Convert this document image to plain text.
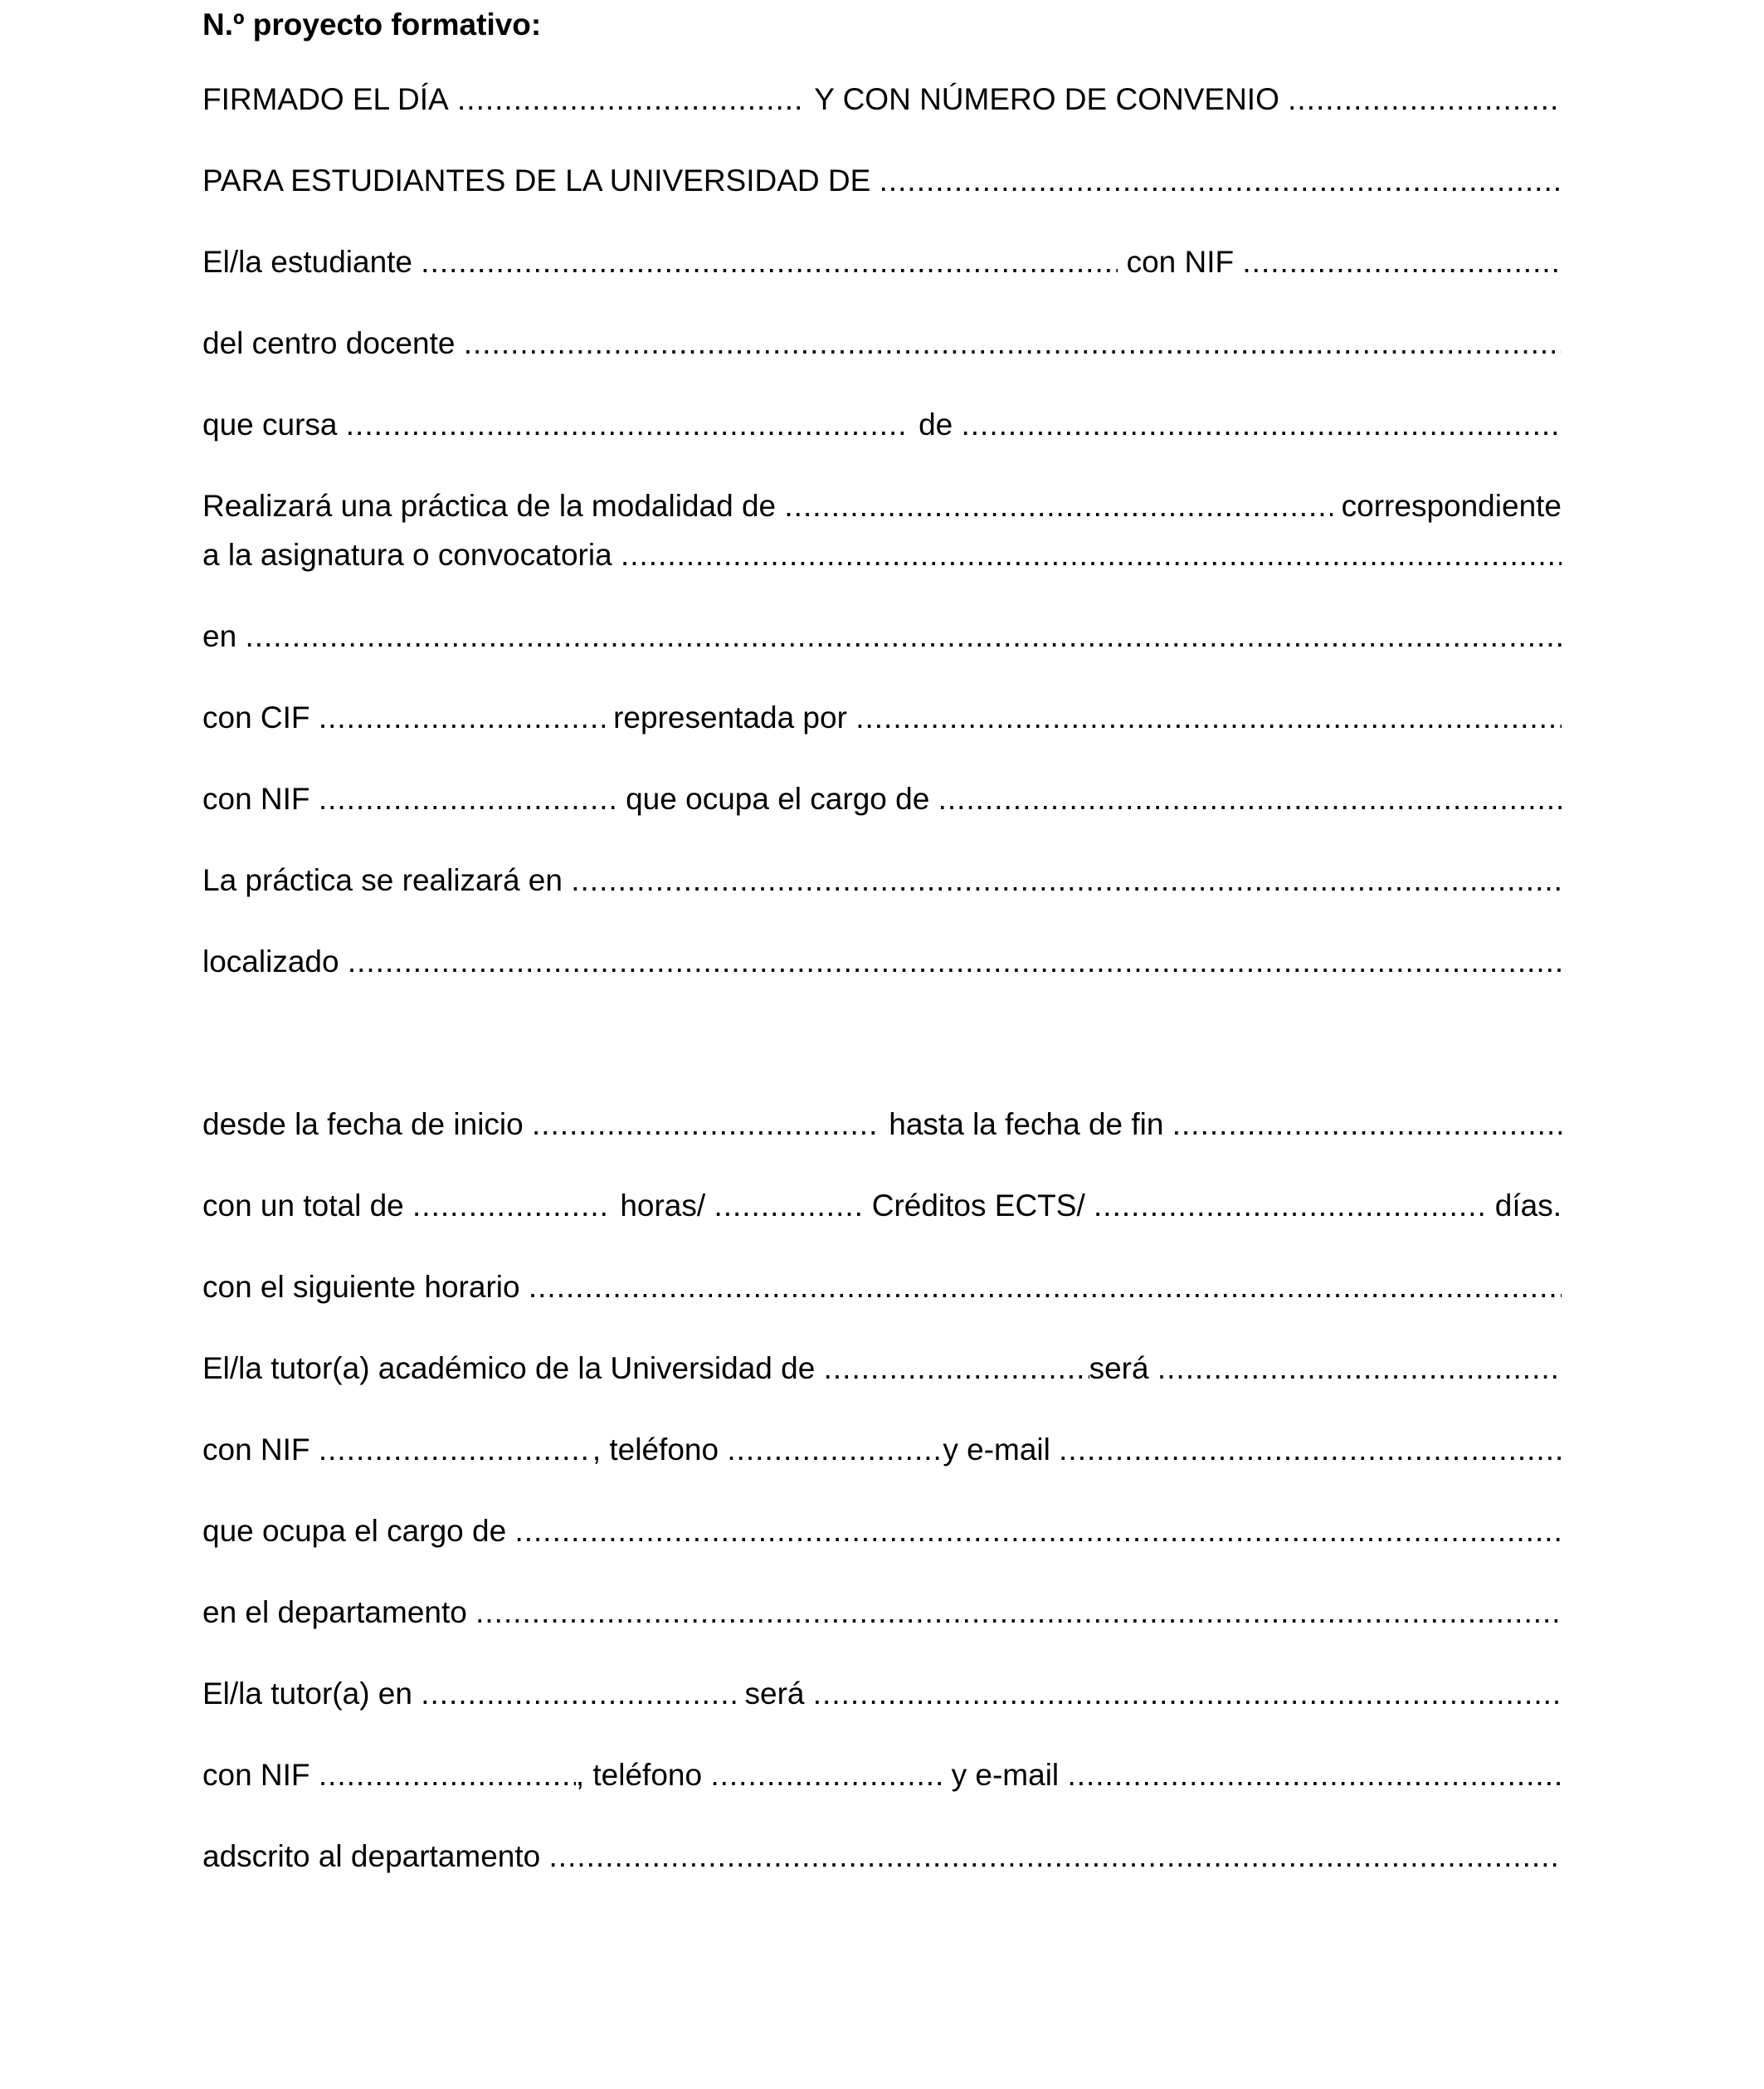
N.º proyecto formativo:
FIRMADO EL DÍA
.....
	Y CON NÚMERO DE CONVENIO

.....
PARA ESTUDIANTES DE LA UNIVERSIDAD DE

.....
El/la estudiante
.....
	con NIF

.....
del centro docente

.....
que cursa
.....
	de

.....
Realizará una práctica de la modalidad de
.....
	correspondiente
a la asignatura o convocatoria

.....
en

.....
con CIF
.....
	representada por

.....
con NIF
.....
	que ocupa el cargo de

.....
La práctica se realizará en

.....
localizado

.....
desde la fecha de inicio
.....
	hasta la fecha de fin

.....
con un total de
.....
	horas/
.....
	Créditos ECTS/
.....
	días.
con el siguiente horario

.....
El/la tutor(a) académico de la Universidad de
.....	será

.....
con NIF
.....	, teléfono
.....	y e-mail

.....
que ocupa el cargo de

.....
en el departamento

.....
El/la tutor(a) en
.....
	será

.....
con NIF
.....	, teléfono
.....
	y e-mail

.....
adscrito al departamento

.....
